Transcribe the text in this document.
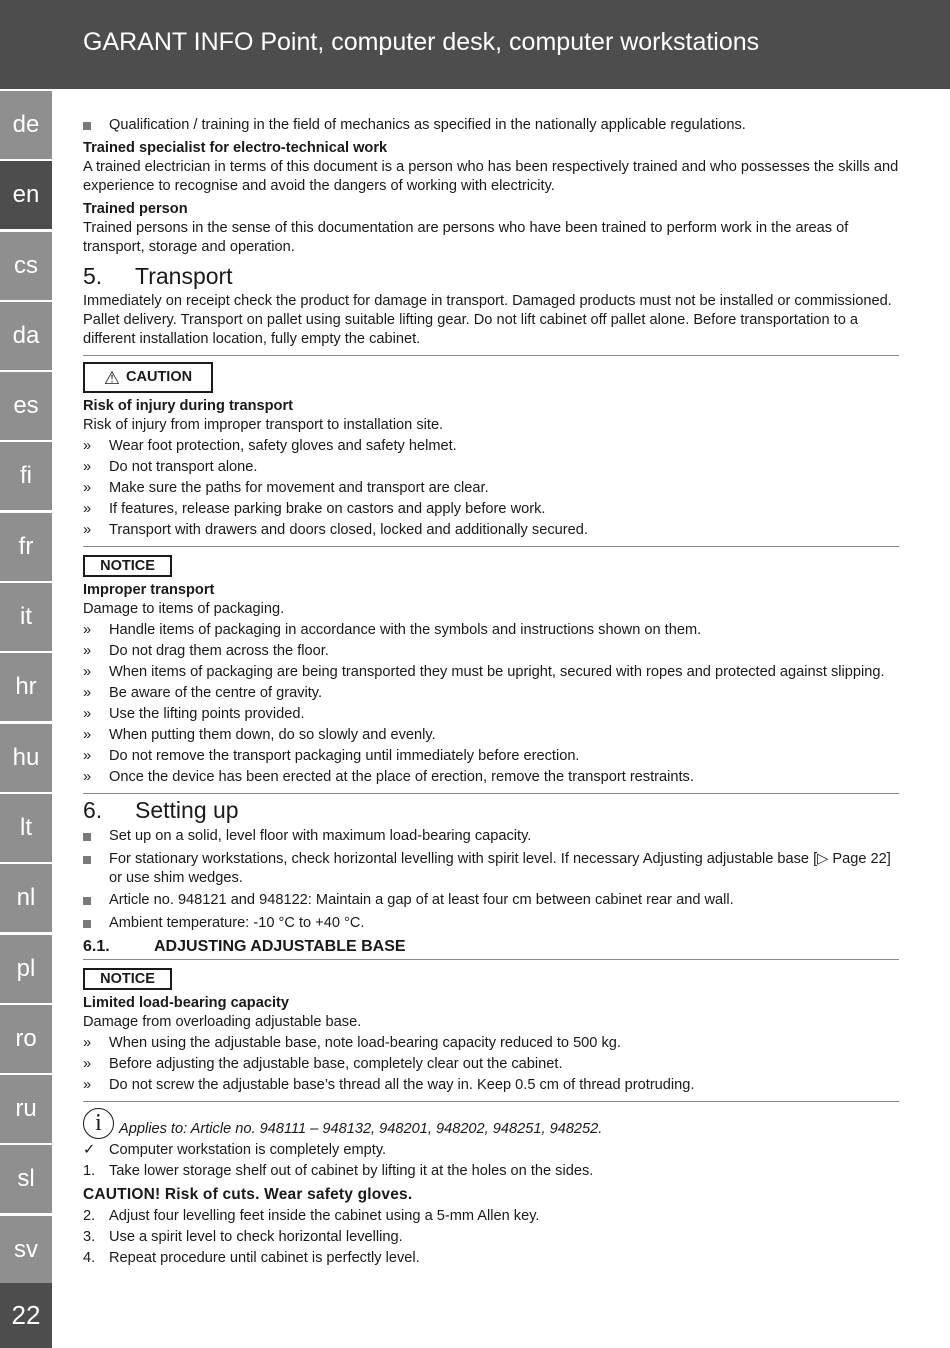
GARANT INFO Point, computer desk, computer workstations
de
en
cs
da
es
fi
fr
it
hr
hu
lt
nl
pl
ro
ru
sl
sv
22
Qualification / training in the field of mechanics as specified in the nationally applicable regulations.

Trained specialist for electro-technical work

A trained electrician in terms of this document is a person who has been respectively trained and who possesses the skills and experience to recognise and avoid the dangers of working with electricity.

Trained person

Trained persons in the sense of this documentation are persons who have been trained to perform work in the areas of transport, storage and operation.

5.	Transport

Immediately on receipt check the product for damage in transport. Damaged products must not be installed or commissioned. Pallet delivery. Transport on pallet using suitable lifting gear. Do not lift cabinet off pallet alone. Before transportation to a different installation location, fully empty the cabinet.

⚠ CAUTION

Risk of injury during transport

Risk of injury from improper transport to installation site.

»	Wear foot protection, safety gloves and safety helmet.
»	Do not transport alone.
»	Make sure the paths for movement and transport are clear.
»	If features, release parking brake on castors and apply before work.
»	Transport with drawers and doors closed, locked and additionally secured.
NOTICE

Improper transport

Damage to items of packaging.

»	Handle items of packaging in accordance with the symbols and instructions shown on them.
»	Do not drag them across the floor.
»	When items of packaging are being transported they must be upright, secured with ropes and protected against slipping.
»	Be aware of the centre of gravity.
»	Use the lifting points provided.
»	When putting them down, do so slowly and evenly.
»	Do not remove the transport packaging until immediately before erection.
»	Once the device has been erected at the place of erection, remove the transport restraints.
6.	Setting up
Set up on a solid, level floor with maximum load-bearing capacity.
For stationary workstations, check horizontal levelling with spirit level. If necessary Adjusting adjustable base [▷ Page 22] or use shim wedges.
Article no. 948121 and 948122: Maintain a gap of at least four cm between cabinet rear and wall.
Ambient temperature: -10 °C to +40 °C.
6.1.	ADJUSTING ADJUSTABLE BASE
NOTICE

Limited load-bearing capacity

Damage from overloading adjustable base.

»	When using the adjustable base, note load-bearing capacity reduced to 500 kg.
»	Before adjusting the adjustable base, completely clear out the cabinet.
»	Do not screw the adjustable base’s thread all the way in. Keep 0.5 cm of thread protruding.
i	Applies to: Article no. 948111 – 948132, 948201, 948202, 948251, 948252.
✓ Computer workstation is completely empty.
1. Take lower storage shelf out of cabinet by lifting it at the holes on the sides.

CAUTION! Risk of cuts. Wear safety gloves.

2. Adjust four levelling feet inside the cabinet using a 5-mm Allen key.
3. Use a spirit level to check horizontal levelling.
4. Repeat procedure until cabinet is perfectly level.
